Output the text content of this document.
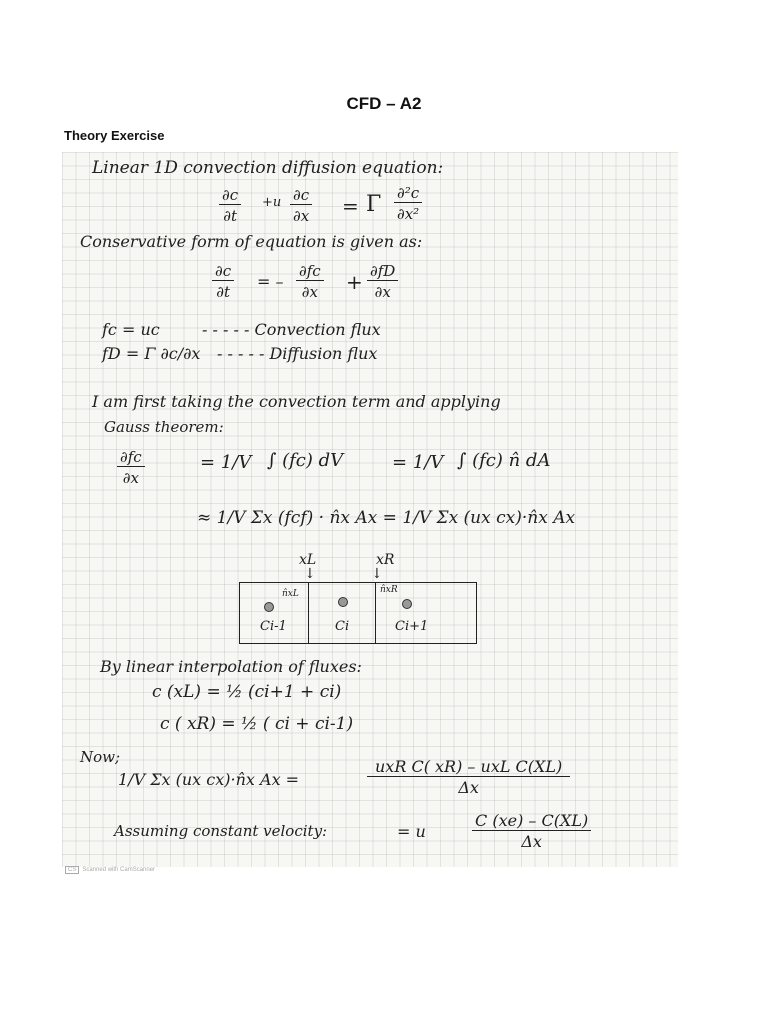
CFD – A2
Theory Exercise
Linear 1D convection diffusion equation:
$\frac{\partial c}{\partial t} +u \frac{\partial c}{\partial x} = \Gamma \frac{\text{∂²c}}{\text{∂x²}}$
Conservative form of equation is given as:
$\frac{\partial c}{\partial t}$ = – $\frac{\partial fc}{\partial x} + \frac{\partial fD}{\partial x}$
fc = uc	- - - - - Convection flux
fD = Γ ∂c/∂x - - - - - Diffusion flux
I am first taking the convection term and applying
Gauss theorem:
$\frac{\partial fc}{\partial x}$	= 1/V ∫ (fc) dV	= 1/V ∫ (fc) n̂ dA
≈ 1/V Σx (fcf) · n̂x Ax = 1/V Σx (ux cx)·n̂x Ax
xL	xR
↓	↓
n̂xL	n̂xR
Ci-1	Ci	Ci+1
By linear interpolation of fluxes:
c (xL) = ½ (ci+1 + ci)
c ( xR) = ½ ( ci + ci-1)
Now;
1/V Σx (ux cx)·n̂x Ax =
uxR C( xR) – uxL C(XL)
Δx
Assuming constant velocity:	= u	$\frac{C (xe) - C(XL)}{\Delta x}$
CS Scanned with CamScanner
